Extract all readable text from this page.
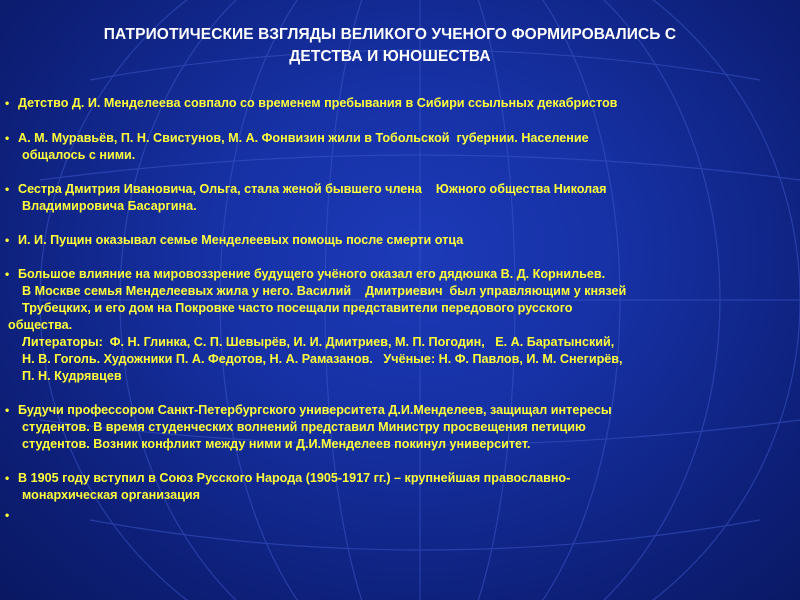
ПАТРИОТИЧЕСКИЕ ВЗГЛЯДЫ ВЕЛИКОГО УЧЕНОГО ФОРМИРОВАЛИСЬ С
ДЕТСТВА И ЮНОШЕСТВА
• Детство Д. И. Менделеева совпало со временем пребывания в Сибири ссыльных декабристов
• А. М. Муравьёв, П. Н. Свистунов, М. А. Фонвизин жили в Тобольской  губернии. Население
общалось с ними.
• Сестра Дмитрия Ивановича, Ольга, стала женой бывшего члена    Южного общества Николая
Владимировича Басаргина.
• И. И. Пущин оказывал семье Менделеевых помощь после смерти отца
• Большое влияние на мировоззрение будущего учёного оказал его дядюшка В. Д. Корнильев.
В Москве семья Менделеевых жила у него. Василий    Дмитриевич  был управляющим у князей
Трубецких, и его дом на Покровке часто посещали представители передового русского
общества.
Литераторы:  Ф. Н. Глинка, С. П. Шевырёв, И. И. Дмитриев, М. П. Погодин,   Е. А. Баратынский,
Н. В. Гоголь. Художники П. А. Федотов, Н. А. Рамазанов.   Учёные: Н. Ф. Павлов, И. М. Снегирёв,
П. Н. Кудрявцев
• Будучи профессором Санкт-Петербургского университета Д.И.Менделеев, защищал интересы
студентов. В время студенческих волнений представил Министру просвещения петицию
студентов. Возник конфликт между ними и Д.И.Менделеев покинул университет.
• В 1905 году вступил в Союз Русского Народа (1905-1917 гг.) – крупнейшая православно-
монархическая организация
•
